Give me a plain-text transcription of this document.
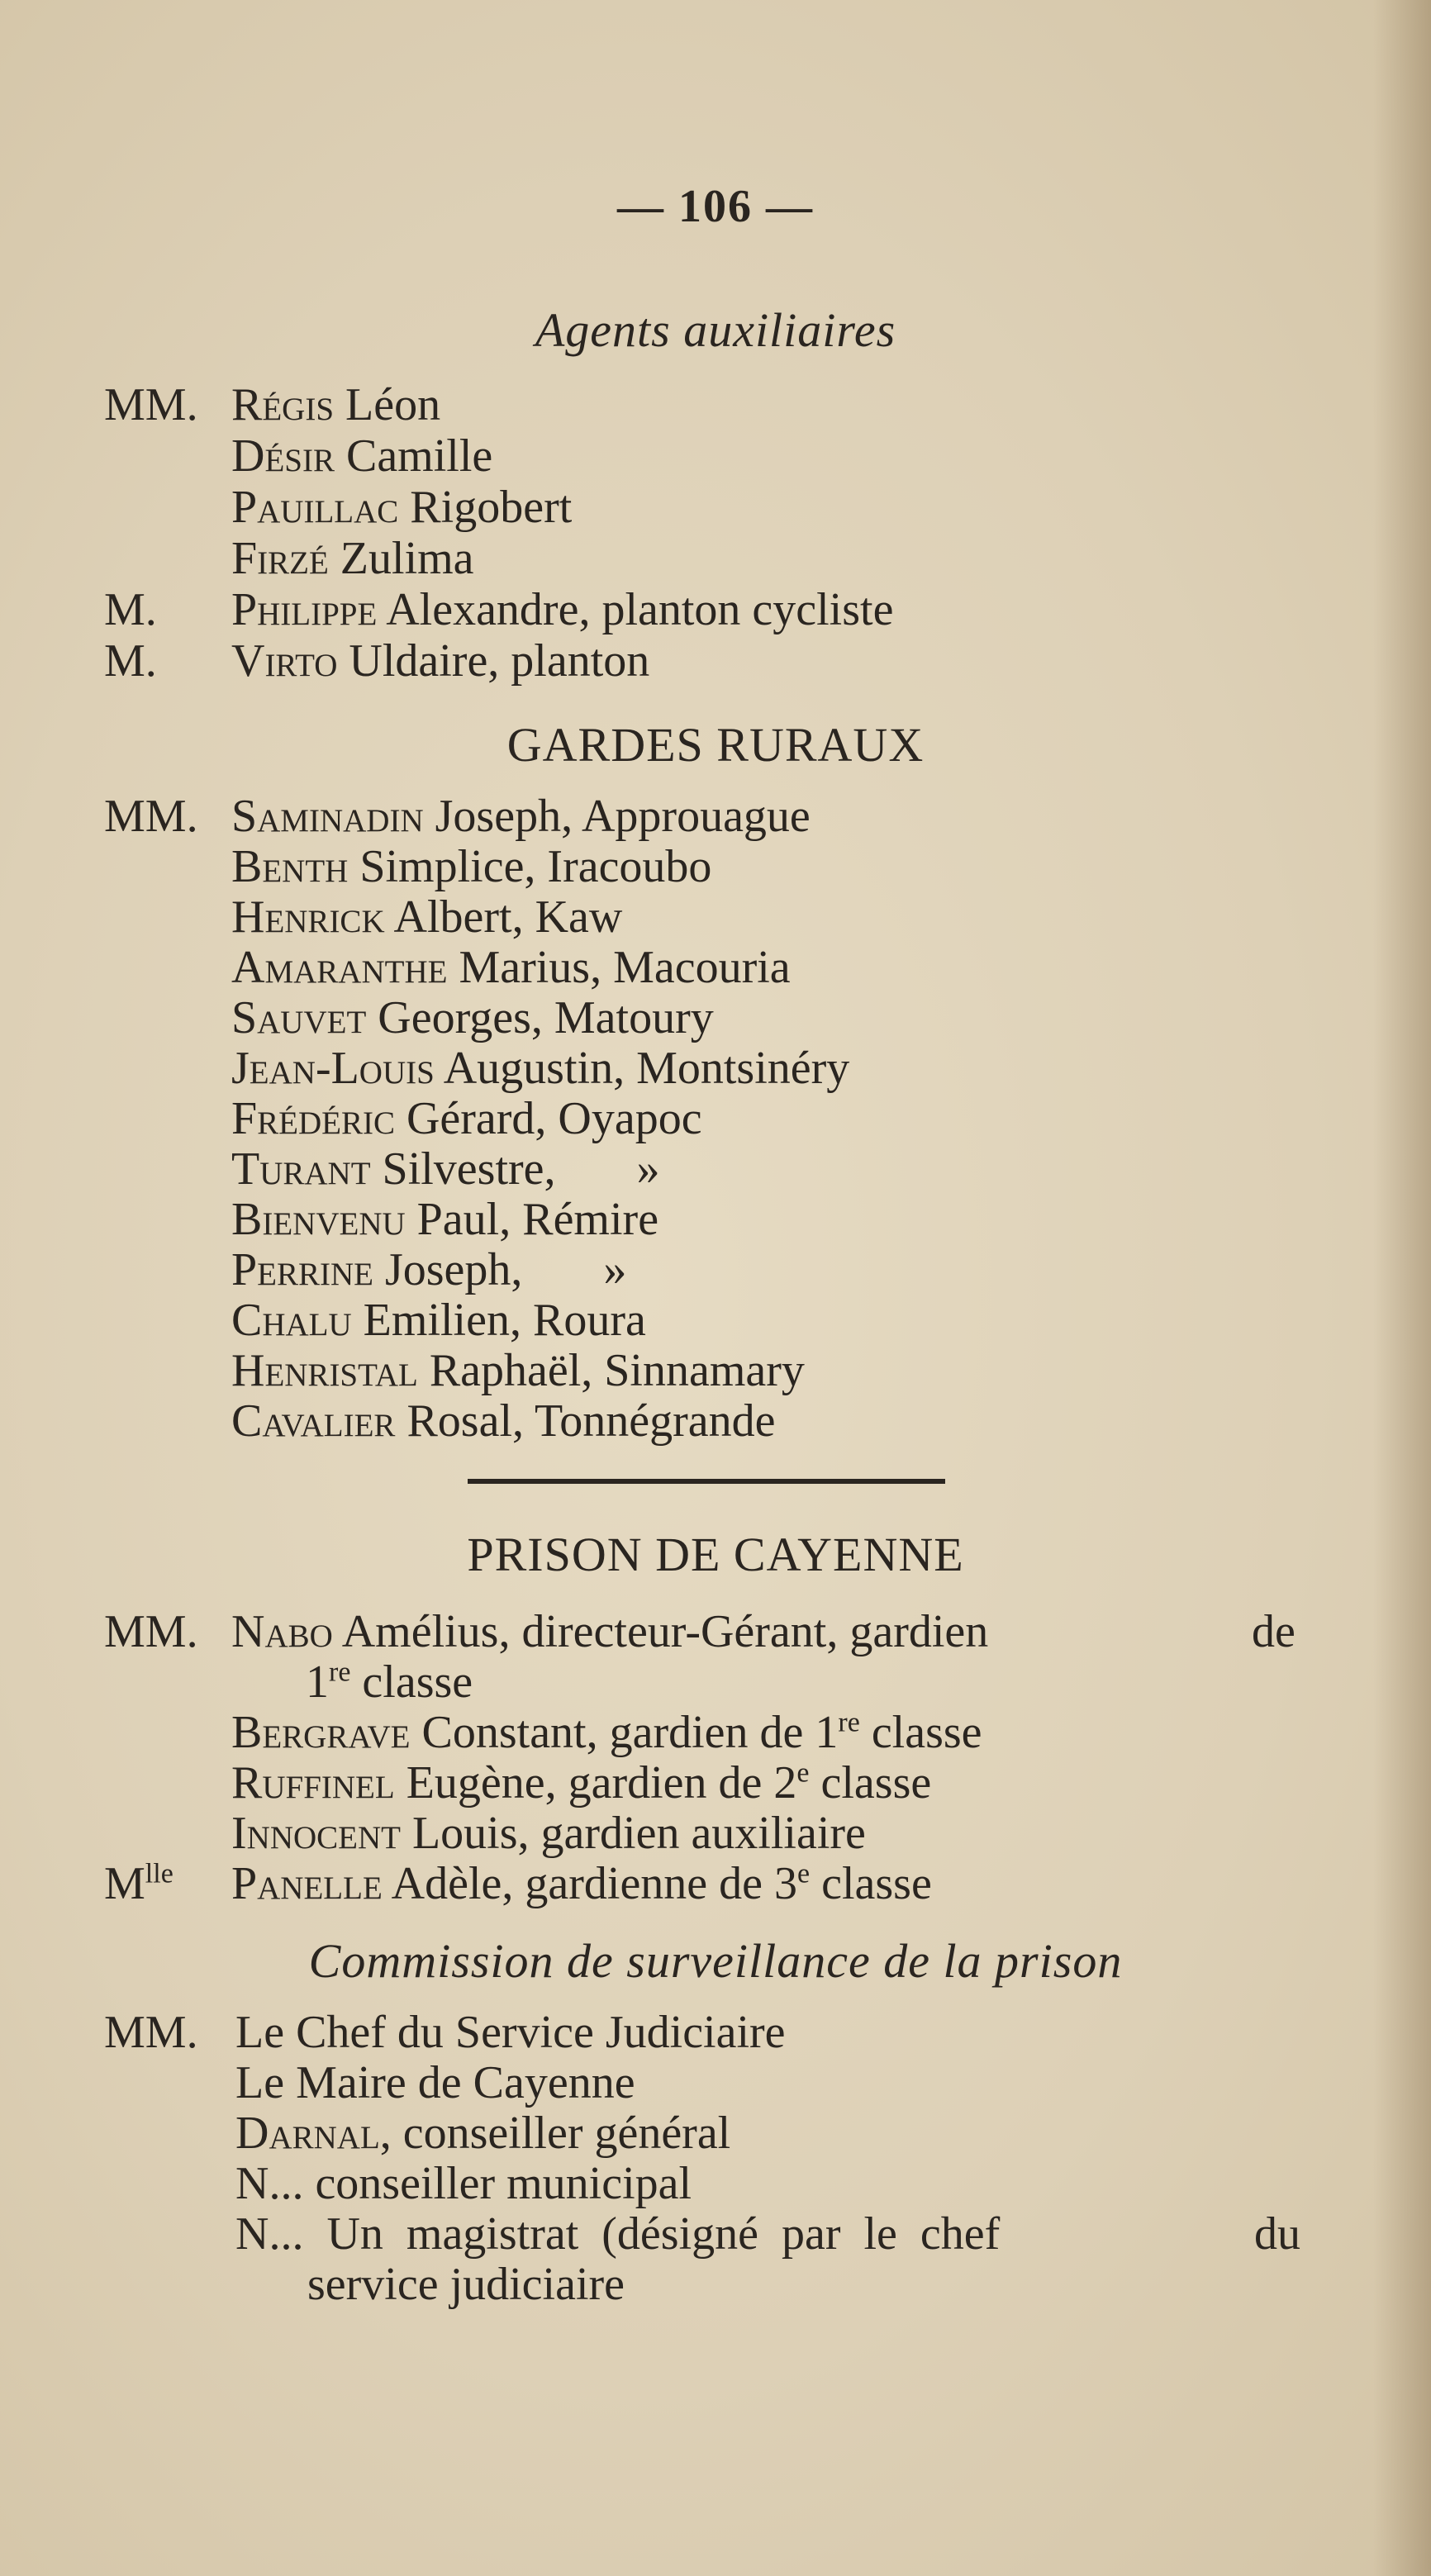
— 106 —
Agents auxiliaires
MM. Régis Léon
Désir Camille
Pauillac Rigobert
Firzé Zulima
M. Philippe Alexandre, planton cycliste
M. Virto Uldaire, planton
GARDES RURAUX
MM. Saminadin Joseph, Approuague
Benth Simplice, Iracoubo
Henrick Albert, Kaw
Amaranthe Marius, Macouria
Sauvet Georges, Matoury
Jean-Louis Augustin, Montsinéry
Frédéric Gérard, Oyapoc
Turant Silvestre,       »
Bienvenu Paul, Rémire
Perrine Joseph,       »
Chalu Emilien, Roura
Henristal Raphaël, Sinnamary
Cavalier Rosal, Tonnégrande
PRISON DE CAYENNE
MM. Nabo Amélius, directeur-Gérant, gardien	de
1re classe
Bergrave Constant, gardien de 1re classe
Ruffinel Eugène, gardien de 2e classe
Innocent Louis, gardien auxiliaire
$M^{lle}$ Panelle Adèle, gardienne de 3e classe
Commission de surveillance de la prison
MM. Le Chef du Service Judiciaire
Le Maire de Cayenne
Darnal, conseiller général
N... conseiller municipal
N...  Un  magistrat  (désigné  par  le  chef	du
service judiciaire
